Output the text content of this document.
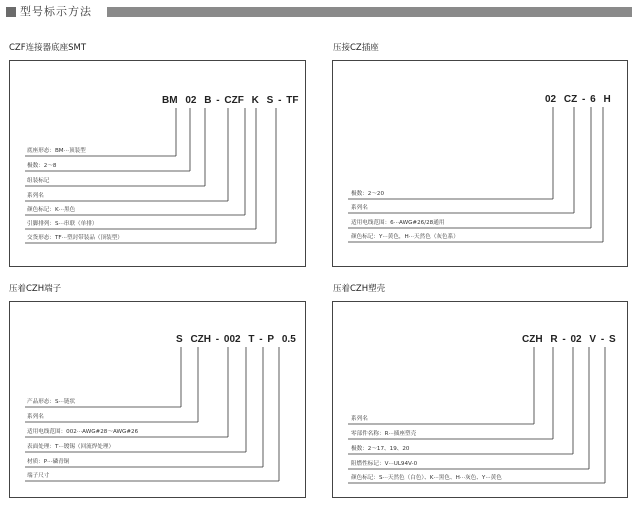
型号标示方法
CZF连接器底座SMT
BM 02 B - CZF K S - TF
底座形态：BM···顶装型
极数：2～8
组装标记
系列名
颜色标记：K···黑色
引脚排列：S···串联（单排）
交货形态：TF···塑封带装品（顶装型）
压接CZ插座
02 CZ - 6 H
极数：2～20
系列名
适用电线范围：6···AWG#26/28通用
颜色标记：Y···黄色，H···天然色（灰色系）
压着CZH端子
S CZH - 002 T - P 0.5
产品形态：S···链状
系列名
适用电线范围：002···AWG#28～AWG#26
表面处理：T···镀锡（回流焊处理）
材质：P···磷青铜
端子尺寸
压着CZH塑壳
CZH R - 02 V - S
系列名
零部件名称：R···插座塑壳
极数：2～17、19、20
阻燃性标记：V···UL94V-0
颜色标记：S···天然色（白色）、K···黑色、H···灰色、Y···黄色
